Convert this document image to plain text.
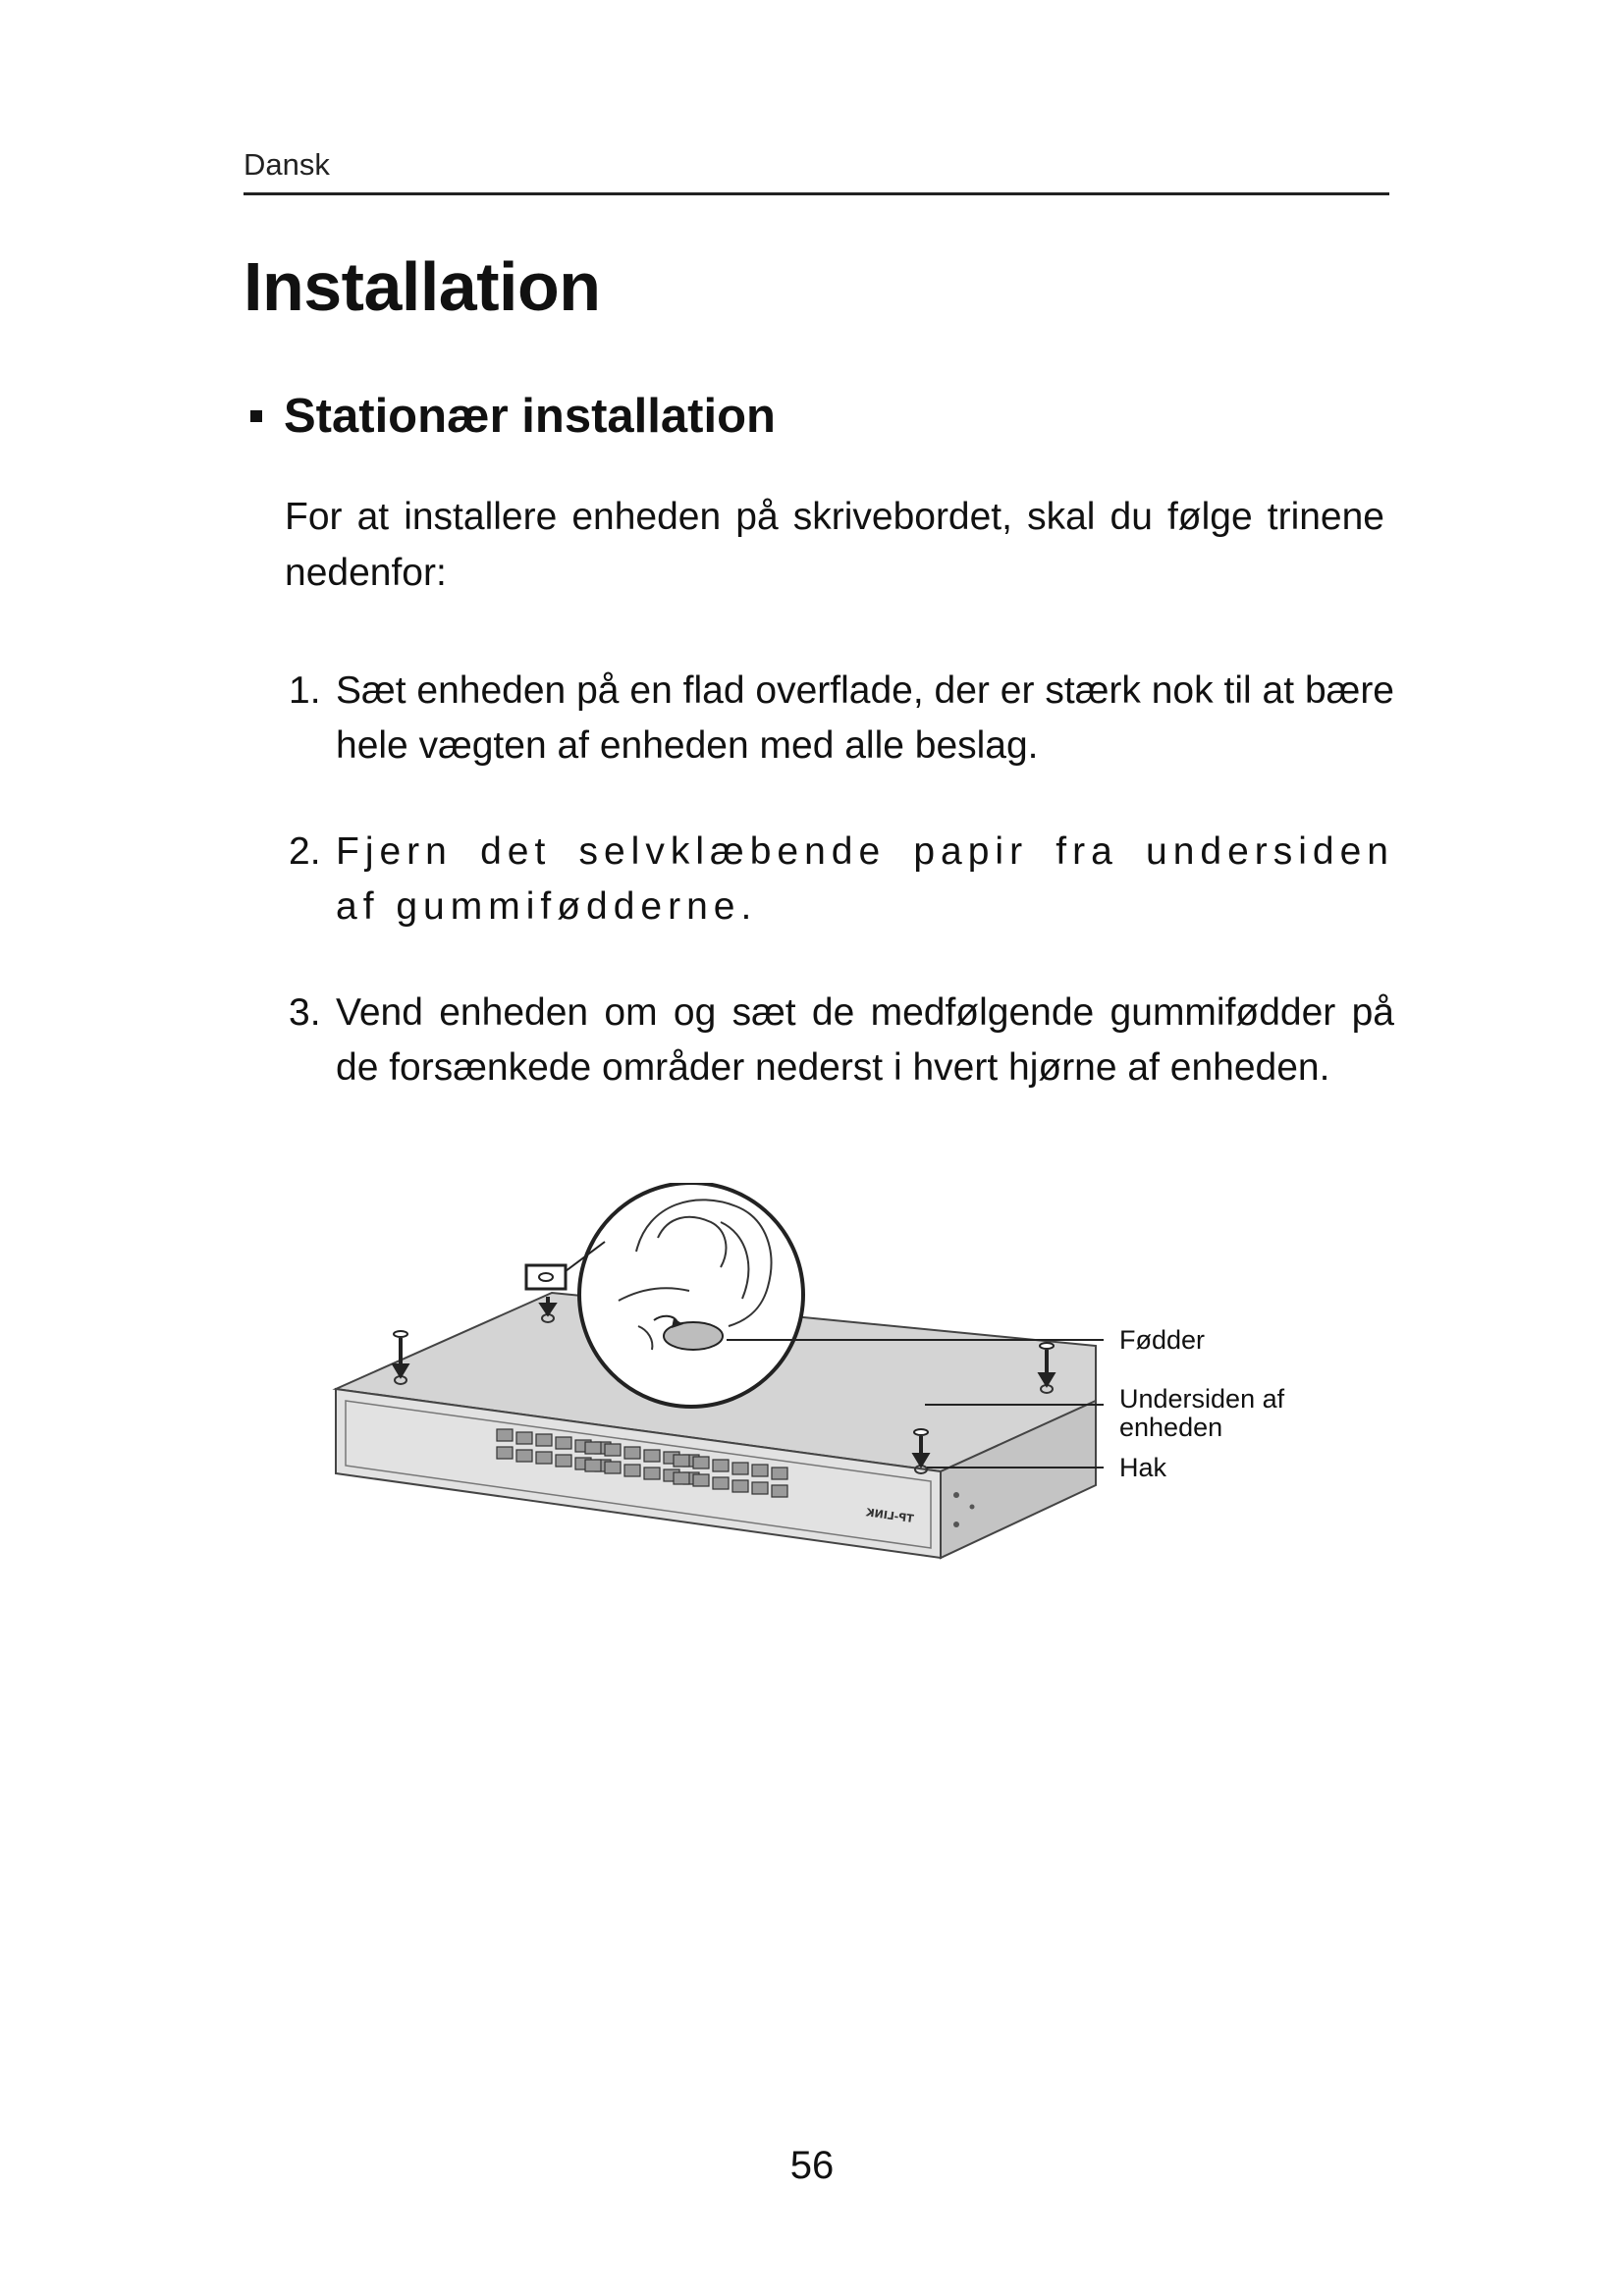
Dansk
Installation
Stationær installation

For at installere enheden på skrivebordet, skal du følge trinene nedenfor:

1. Sæt enheden på en flad overflade, der er stærk nok til at bære hele vægten af enheden med alle beslag.
2. Fjern det selvklæbende papir fra undersiden af gummifødderne.
3. Vend enheden om og sæt de medfølgende gummifødder på de forsænkede områder nederst i hvert hjørne af enheden.
TP-LINK
Fødder
Undersiden af enheden
Hak
56
